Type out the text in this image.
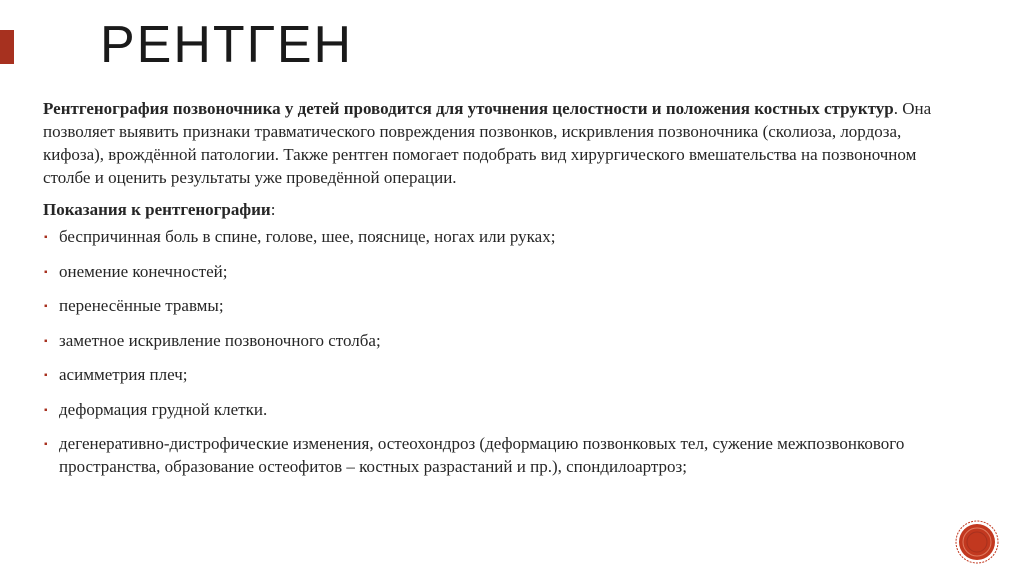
РЕНТГЕН

Рентгенография позвоночника у детей проводится для уточнения целостности и положения костных структур. Она позволяет выявить признаки травматического повреждения позвонков, искривления позвоночника (сколиоза, лордоза, кифоза), врождённой патологии. Также рентген помогает подобрать вид хирургического вмешательства на позвоночном столбе и оценить результаты уже проведённой операции.

Показания к рентгенографии:

▪ беспричинная боль в спине, голове, шее, пояснице, ногах или руках;
▪ онемение конечностей;
▪ перенесённые травмы;
▪ заметное искривление позвоночного столба;
▪ асимметрия плеч;
▪ деформация грудной клетки.
▪ дегенеративно-дистрофические изменения, остеохондроз (деформацию позвонковых тел, сужение межпозвонкового пространства, образование остеофитов – костных разрастаний и пр.), спондилоартроз;
